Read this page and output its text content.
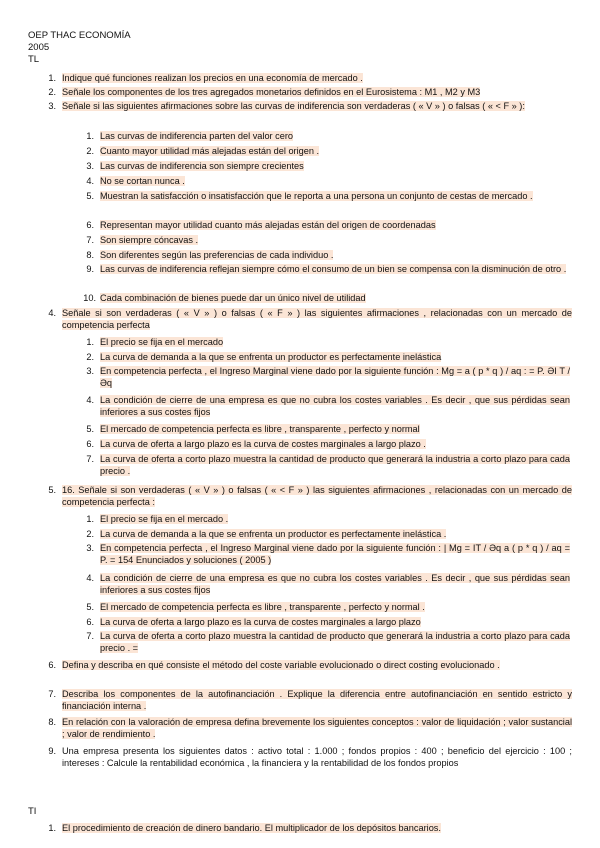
OEP THAC ECONOMÍA
2005
TL
1. Indique qué funciones realizan los precios en una economía de mercado .
2. Señale los componentes de los tres agregados monetarios definidos en el Eurosistema : M1 , M2 y M3
3. Señale si las siguientes afirmaciones sobre las curvas de indiferencia son verdaderas ( « V » ) o falsas ( « < F » ):
1. Las curvas de indiferencia parten del valor cero
2. Cuanto mayor utilidad más alejadas están del origen .
3. Las curvas de indiferencia son siempre crecientes
4. No se cortan nunca .
5. Muestran la satisfacción o insatisfacción que le reporta a una persona un conjunto de cestas de mercado .
6. Representan mayor utilidad cuanto más alejadas están del origen de coordenadas
7. Son siempre cóncavas .
8. Son diferentes según las preferencias de cada individuo .
9. Las curvas de indiferencia reflejan siempre cómo el consumo de un bien se compensa con la disminución de otro .
10. Cada combinación de bienes puede dar un único nivel de utilidad
4. Señale si son verdaderas ( « V » ) o falsas ( « F » ) las siguientes afirmaciones , relacionadas con un mercado de competencia perfecta
1. El precio se fija en el mercado
2. La curva de demanda a la que se enfrenta un productor es perfectamente inelástica
3. En competencia perfecta , el Ingreso Marginal viene dado por la siguiente función : Mg = a ( p * q ) / aq : = P. ƏI T / Əq
4. La condición de cierre de una empresa es que no cubra los costes variables . Es decir , que sus pérdidas sean inferiores a sus costes fijos
5. El mercado de competencia perfecta es libre , transparente , perfecto y normal
6. La curva de oferta a largo plazo es la curva de costes marginales a largo plazo .
7. La curva de oferta a corto plazo muestra la cantidad de producto que generará la industria a corto plazo para cada precio .
5. 16. Señale si son verdaderas ( « V » ) o falsas ( « < F » ) las siguientes afirmaciones , relacionadas con un mercado de competencia perfecta :
1. El precio se fija en el mercado .
2. La curva de demanda a la que se enfrenta un productor es perfectamente inelástica .
3. En competencia perfecta , el Ingreso Marginal viene dado por la siguiente función : | Mg = IT / Əq a ( p * q ) / aq = P. = 154 Enunciados y soluciones ( 2005 )
4. La condición de cierre de una empresa es que no cubra los costes variables . Es decir , que sus pérdidas sean inferiores a sus costes fijos
5. El mercado de competencia perfecta es libre , transparente , perfecto y normal .
6. La curva de oferta a largo plazo es la curva de costes marginales a largo plazo
7. La curva de oferta a corto plazo muestra la cantidad de producto que generará la industria a corto plazo para cada precio . =
6. Defina y describa en qué consiste el método del coste variable evolucionado o direct costing evolucionado .
7. Describa los componentes de la autofinanciación . Explique la diferencia entre autofinanciación en sentido estricto y financiación interna .
8. En relación con la valoración de empresa defina brevemente los siguientes conceptos : valor de liquidación ; valor sustancial ; valor de rendimiento .
9. Una empresa presenta los siguientes datos : activo total : 1.000 ; fondos propios : 400 ; beneficio del ejercicio : 100 ; intereses : Calcule la rentabilidad económica , la financiera y la rentabilidad de los fondos propios
TI
1. El procedimiento de creación de dinero bandario. El multiplicador de los depósitos bancarios.
